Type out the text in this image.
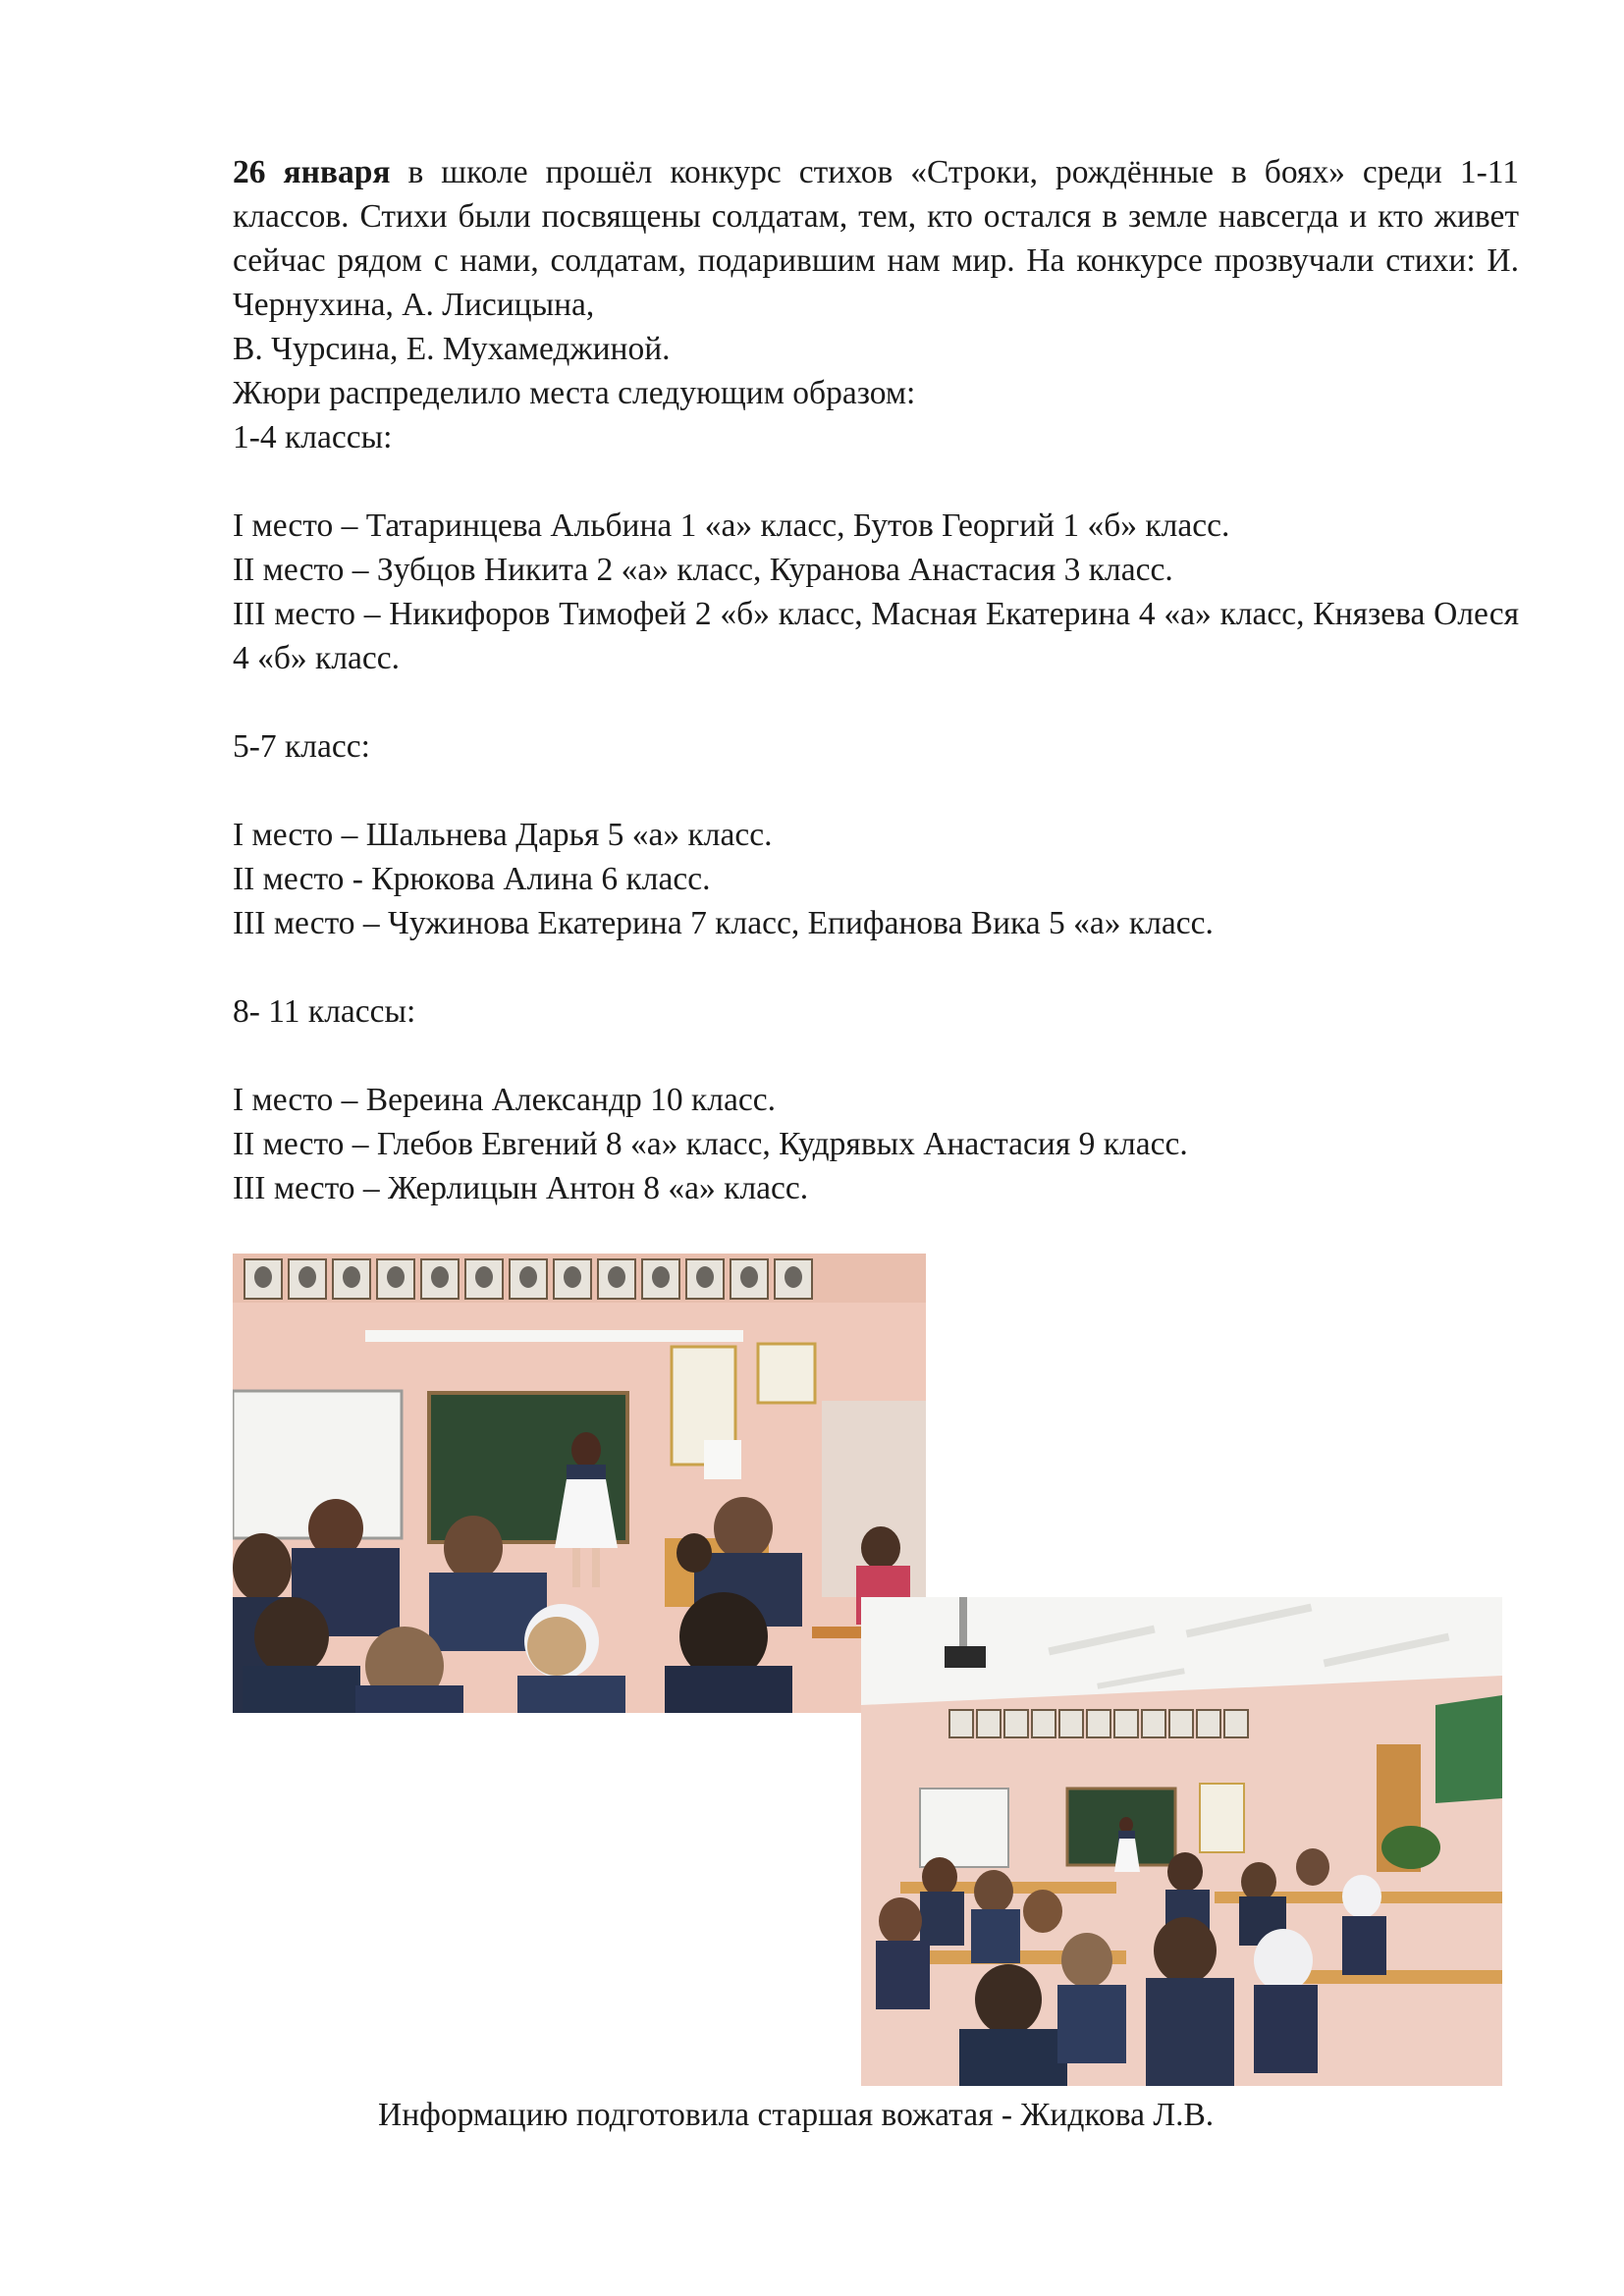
26 января в школе прошёл конкурс стихов «Строки, рождённые в боях» среди 1-11 классов. Стихи были посвящены солдатам, тем, кто остался в земле навсегда и кто живет сейчас рядом с нами, солдатам, подарившим нам мир. На конкурсе прозвучали стихи: И. Чернухина, А. Лисицына,
В. Чурсина, Е. Мухамеджиной.
Жюри распределило места следующим образом:
1-4 классы:
I место – Татаринцева Альбина 1 «а» класс, Бутов Георгий 1 «б» класс.
II место – Зубцов Никита 2 «а» класс, Куранова Анастасия 3 класс.
III место – Никифоров Тимофей 2 «б» класс, Масная Екатерина 4 «а» класс, Князева Олеся 4 «б» класс.
5-7 класс:
I место – Шальнева Дарья 5 «а» класс.
II место - Крюкова Алина 6 класс.
III место – Чужинова Екатерина 7 класс, Епифанова Вика 5 «а» класс.
8- 11 классы:
I место – Вереина Александр 10 класс.
II место – Глебов Евгений 8 «а» класс, Кудрявых Анастасия 9 класс.
III место – Жерлицын Антон 8 «а» класс.
Информацию подготовила старшая вожатая - Жидкова Л.В.
